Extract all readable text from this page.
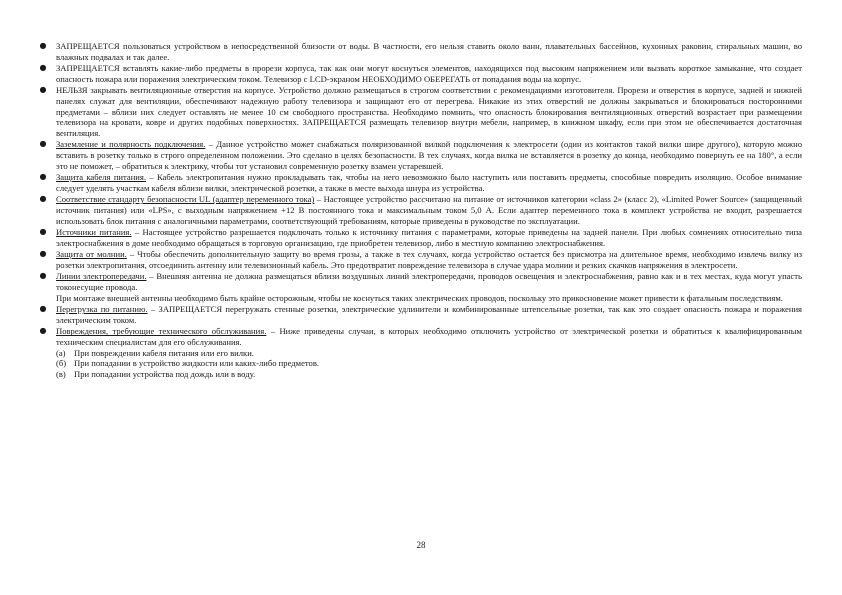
● ЗАПРЕЩАЕТСЯ пользоваться устройством в непосредственной близости от воды. В частности, его нельзя ставить около ванн, плавательных бассейнов, кухонных раковин, стиральных машин, во влажных подвалах и так далее.
● ЗАПРЕЩАЕТСЯ вставлять какие-либо предметы в прорези корпуса, так как они могут коснуться элементов, находящихся под высоким напряжением или вызвать короткое замыкание, что создает опасность пожара или поражения электрическим током. Телевизор с LCD-экраном НЕОБХОДИМО ОБЕРЕГАТЬ от попадания воды на корпус.
● НЕЛЬЗЯ закрывать вентиляционные отверстия на корпусе. Устройство должно размещаться в строгом соответствии с рекомендациями изготовителя. Прорези и отверстия в корпусе, задней и нижней панелях служат для вентиляции, обеспечивают надежную работу телевизора и защищают его от перегрева. Никакие из этих отверстий не должны закрываться и блокироваться посторонними предметами – вблизи них следует оставлять не менее 10 см свободного пространства. Необходимо помнить, что опасность блокирования вентиляционных отверстий возрастает при размещении телевизора на кровати, ковре и других подобных поверхностях. ЗАПРЕЩАЕТСЯ размещать телевизор внутри мебели, например, в книжном шкафу, если при этом не обеспечивается достаточная вентиляция.
● Заземление и полярность подключения. – Данное устройство может снабжаться поляризованной вилкой подключения к электросети (один из контактов такой вилки шире другого), которую можно вставить в розетку только в строго определенном положении. Это сделано в целях безопасности. В тех случаях, когда вилка не вставляется в розетку до конца, необходимо повернуть ее на 180°, а если это не поможет, – обратиться к электрику, чтобы тот установил современную розетку взамен устаревшей.
● Защита кабеля питания. – Кабель электропитания нужно прокладывать так, чтобы на него невозможно было наступить или поставить предметы, способные повредить изоляцию. Особое внимание следует уделять участкам кабеля вблизи вилки, электрической розетки, а также в месте выхода шнура из устройства.
● Соответствие стандарту безопасности UL (адаптер переменного тока) – Настоящее устройство рассчитано на питание от источников категории «class 2» (класс 2), «Limited Power Source» (защищенный источник питания) или «LPS», с выходным напряжением +12 В постоянного тока и максимальным током 5,0 А. Если адаптер переменного тока в комплект устройства не входит, разрешается использовать блок питания с аналогичными параметрами, соответствующий требованиям, которые приведены в руководстве по эксплуатации.
● Источники питания. – Настоящее устройство разрешается подключать только к источнику питания с параметрами, которые приведены на задней панели. При любых сомнениях относительно типа электроснабжения в доме необходимо обращаться в торговую организацию, где приобретен телевизор, либо в местную компанию электроснабжения.
● Защита от молнии. – Чтобы обеспечить дополнительную защиту во время грозы, а также в тех случаях, когда устройство остается без присмотра на длительное время, необходимо извлечь вилку из розетки электропитания, отсоединить антенну или телевизионный кабель. Это предотвратит повреждение телевизора в случае удара молнии и резких скачков напряжения в электросети.
● Линии электропередачи. – Внешняя антенна не должна размещаться вблизи воздушных линий электропередачи, проводов освещения и электроснабжения, равно как и в тех местах, куда могут упасть токонесущие провода.
При монтаже внешней антенны необходимо быть крайне осторожным, чтобы не коснуться таких электрических проводов, поскольку это прикосновение может привести к фатальным последствиям.
● Перегрузка по питанию. – ЗАПРЕЩАЕТСЯ перегружать стенные розетки, электрические удлинители и комбинированные штепсельные розетки, так как это создает опасность пожара и поражения электрическим током.
● Повреждения, требующие технического обслуживания. – Ниже приведены случаи, в которых необходимо отключить устройство от электрической розетки и обратиться к квалифицированным техническим специалистам для его обслуживания.
(а) При повреждении кабеля питания или его вилки.
(б) При попадании в устройство жидкости или каких-либо предметов.
(в) При попадании устройства под дождь или в воду.
28
